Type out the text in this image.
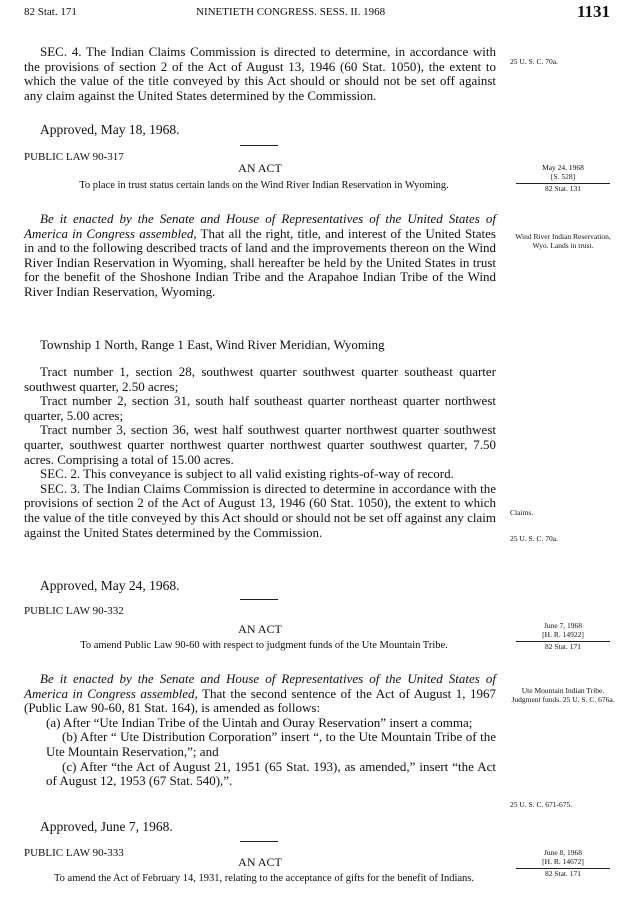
82 Stat. 171	NINETIETH CONGRESS. SESS. II. 1968	1131

SEC. 4. The Indian Claims Commission is directed to determine, in accordance with the provisions of section 2 of the Act of August 13, 1946 (60 Stat. 1050), the extent to which the value of the title conveyed by this Act should or should not be set off against any claim against the United States determined by the Commission.

25 U. S. C. 70a.
Approved, May 18, 1968.
PUBLIC LAW 90-317
AN ACT
To place in trust status certain lands on the Wind River Indian Reservation in Wyoming.
May 24, 1968
[S. 528]
82 Stat. 131
Wind River Indian Reservation, Wyo. Lands in trust.

Be it enacted by the Senate and House of Representatives of the United States of America in Congress assembled, That all the right, title, and interest of the United States in and to the following described tracts of land and the improvements thereon on the Wind River Indian Reservation in Wyoming, shall hereafter be held by the United States in trust for the benefit of the Shoshone Indian Tribe and the Arapahoe Indian Tribe of the Wind River Indian Reservation, Wyoming.

Township 1 North, Range 1 East, Wind River Meridian, Wyoming

Tract number 1, section 28, southwest quarter southwest quarter southeast quarter southwest quarter, 2.50 acres;

Tract number 2, section 31, south half southeast quarter northeast quarter northwest quarter, 5.00 acres;

Tract number 3, section 36, west half southwest quarter northwest quarter southwest quarter, southwest quarter northwest quarter northwest quarter southwest quarter, 7.50 acres. Comprising a total of 15.00 acres.

SEC. 2. This conveyance is subject to all valid existing rights-of-way of record.

SEC. 3. The Indian Claims Commission is directed to determine in accordance with the provisions of section 2 of the Act of August 13, 1946 (60 Stat. 1050), the extent to which the value of the title conveyed by this Act should or should not be set off against any claim against the United States determined by the Commission.

Claims.
25 U. S. C. 70a.
Approved, May 24, 1968.
PUBLIC LAW 90-332
AN ACT
To amend Public Law 90-60 with respect to judgment funds of the Ute Mountain Tribe.
June 7, 1968
[H. R. 14922]
82 Stat. 171
Ute Mountain Indian Tribe. Judgment funds. 25 U. S. C. 676a.

Be it enacted by the Senate and House of Representatives of the United States of America in Congress assembled, That the second sentence of the Act of August 1, 1967 (Public Law 90-60, 81 Stat. 164), is amended as follows:

(a) After “Ute Indian Tribe of the Uintah and Ouray Reservation” insert a comma;

(b) After “ Ute Distribution Corporation” insert “, to the Ute Mountain Tribe of the Ute Mountain Reservation,”; and

(c) After “the Act of August 21, 1951 (65 Stat. 193), as amended,” insert “the Act of August 12, 1953 (67 Stat. 540),”.

25 U. S. C. 671-675.
Approved, June 7, 1968.
PUBLIC LAW 90-333
AN ACT
To amend the Act of February 14, 1931, relating to the acceptance of gifts for the benefit of Indians.
June 8, 1968
[H. R. 14672]
82 Stat. 171
